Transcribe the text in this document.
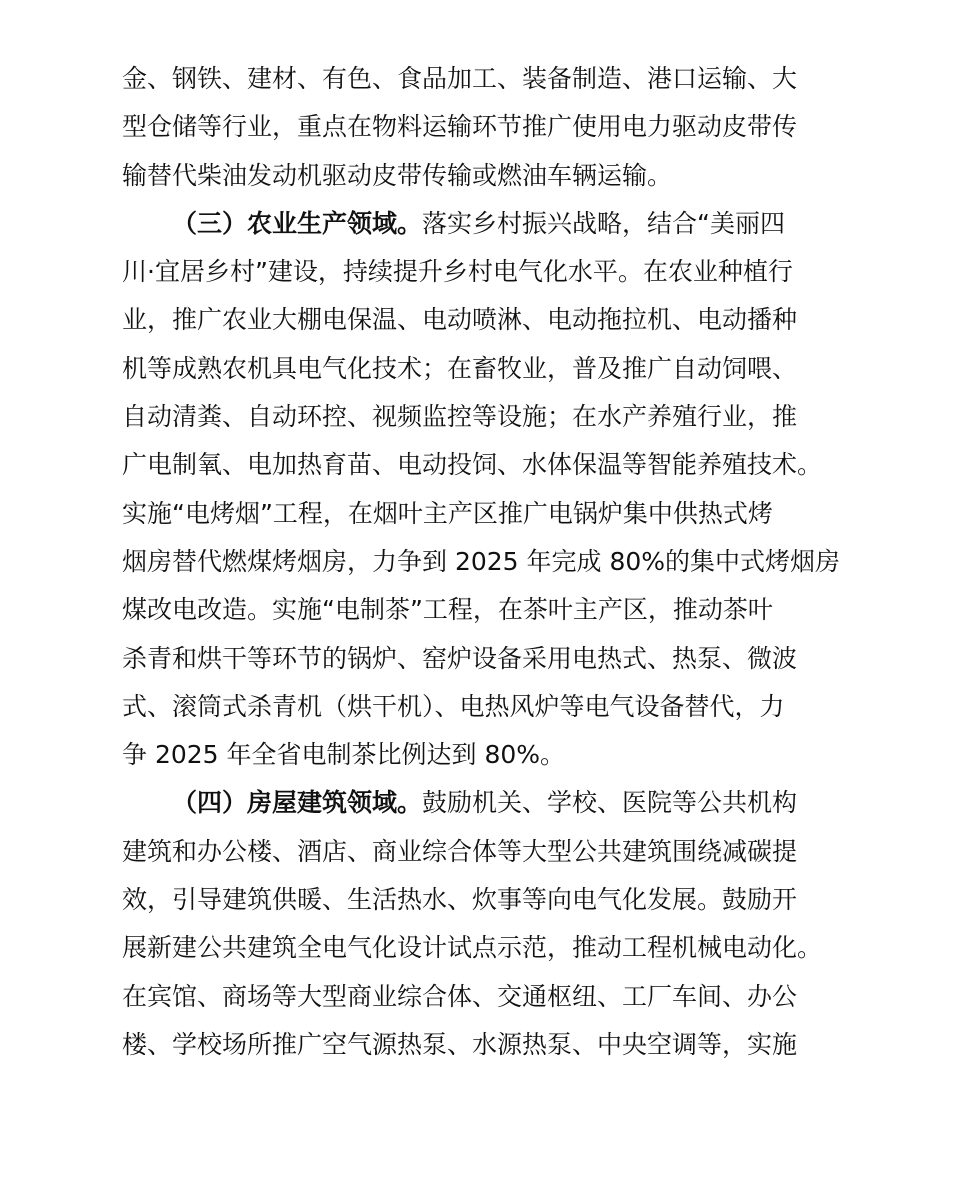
金、钢铁、建材、有色、食品加工、装备制造、港口运输、大
型仓储等行业，重点在物料运输环节推广使用电力驱动皮带传
输替代柴油发动机驱动皮带传输或燃油车辆运输。
（三）农业生产领域。落实乡村振兴战略，结合“美丽四
川·宜居乡村”建设，持续提升乡村电气化水平。在农业种植行
业，推广农业大棚电保温、电动喷淋、电动拖拉机、电动播种
机等成熟农机具电气化技术；在畜牧业，普及推广自动饲喂、
自动清粪、自动环控、视频监控等设施；在水产养殖行业，推
广电制氧、电加热育苗、电动投饲、水体保温等智能养殖技术。
实施“电烤烟”工程，在烟叶主产区推广电锅炉集中供热式烤
烟房替代燃煤烤烟房，力争到 2025 年完成 80%的集中式烤烟房
煤改电改造。实施“电制茶”工程，在茶叶主产区，推动茶叶
杀青和烘干等环节的锅炉、窑炉设备采用电热式、热泵、微波
式、滚筒式杀青机（烘干机）、电热风炉等电气设备替代，力
争 2025 年全省电制茶比例达到 80%。
（四）房屋建筑领域。鼓励机关、学校、医院等公共机构
建筑和办公楼、酒店、商业综合体等大型公共建筑围绕减碳提
效，引导建筑供暖、生活热水、炊事等向电气化发展。鼓励开
展新建公共建筑全电气化设计试点示范，推动工程机械电动化。
在宾馆、商场等大型商业综合体、交通枢纽、工厂车间、办公
楼、学校场所推广空气源热泵、水源热泵、中央空调等，实施
